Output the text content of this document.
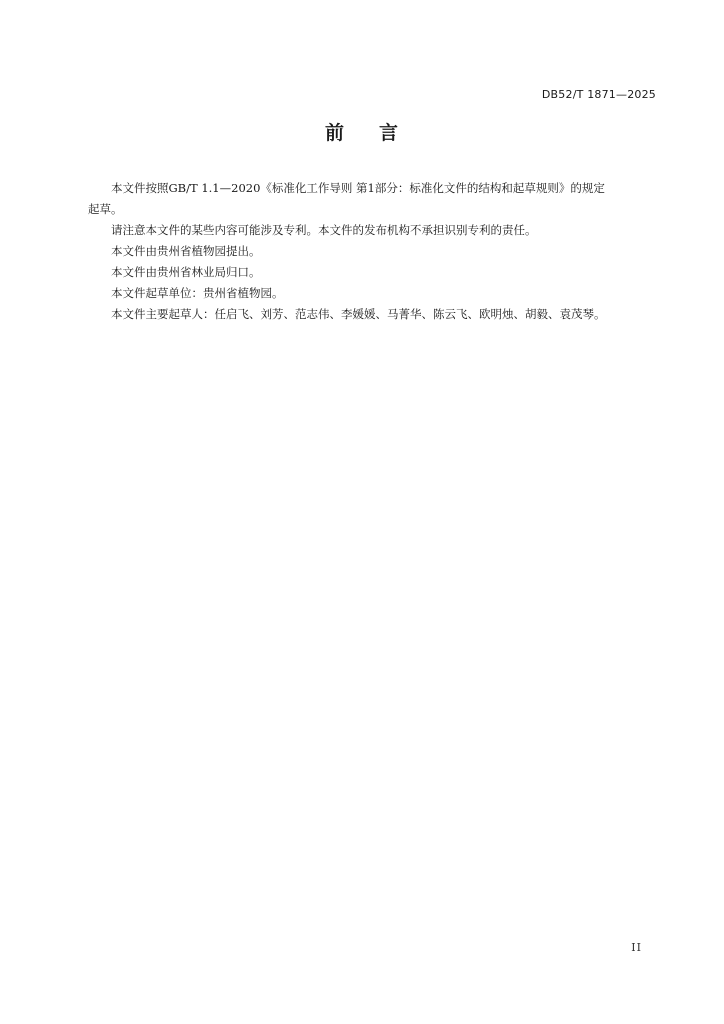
DB52/T 1871—2025
前 言

本文件按照GB/T 1.1—2020《标准化工作导则 第1部分：标准化文件的结构和起草规则》的规定
起草。

请注意本文件的某些内容可能涉及专利。本文件的发布机构不承担识别专利的责任。

本文件由贵州省植物园提出。

本文件由贵州省林业局归口。

本文件起草单位：贵州省植物园。

本文件主要起草人：任启飞、刘芳、范志伟、李媛媛、马菁华、陈云飞、欧明烛、胡毅、袁茂琴。

II
